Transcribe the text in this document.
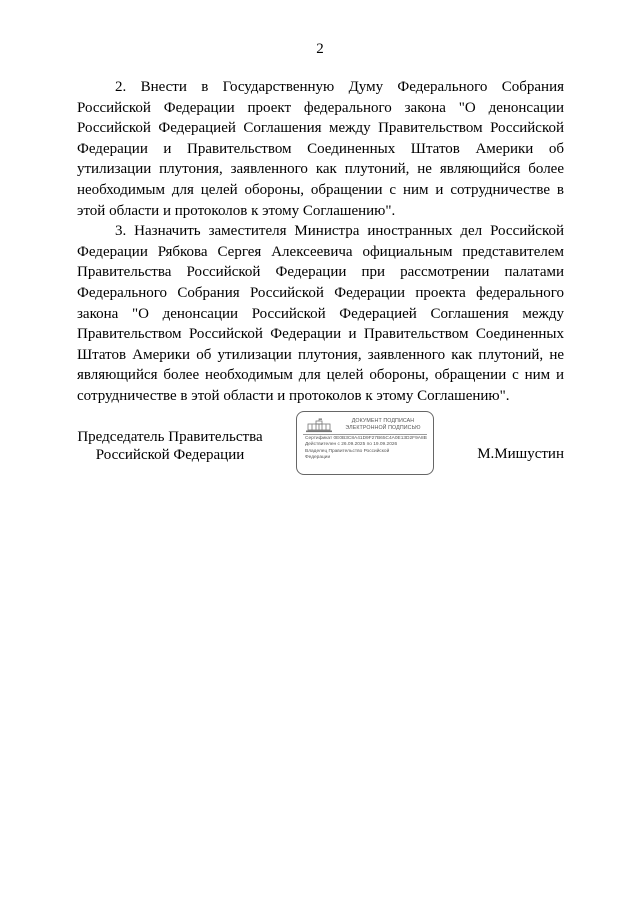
2

2. Внести в Государственную Думу Федерального Собрания Российской Федерации проект федерального закона "О денонсации Российской Федерацией Соглашения между Правительством Российской Федерации и Правительством Соединенных Штатов Америки об утилизации плутония, заявленного как плутоний, не являющийся более необходимым для целей обороны, обращении с ним и сотрудничестве в этой области и протоколов к этому Соглашению".

3. Назначить заместителя Министра иностранных дел Российской Федерации Рябкова Сергея Алексеевича официальным представителем Правительства Российской Федерации при рассмотрении палатами Федерального Собрания Российской Федерации проекта федерального закона "О денонсации Российской Федерацией Соглашения между Правительством Российской Федерации и Правительством Соединенных Штатов Америки об утилизации плутония, заявленного как плутоний, не являющийся более необходимым для целей обороны, обращении с ним и сотрудничестве в этой области и протоколов к этому Соглашению".

Председатель Правительства
Российской Федерации
ДОКУМЕНТ ПОДПИСАН
ЭЛЕКТРОННОЙ ПОДПИСЬЮ
Сертификат 0E0B3C8A41D9F27B65C4A0E13D2F9A8B
Действителен с 26.09.2025 по 19.09.2026
Владелец Правительство Российской
Федерации	М.Мишустин
